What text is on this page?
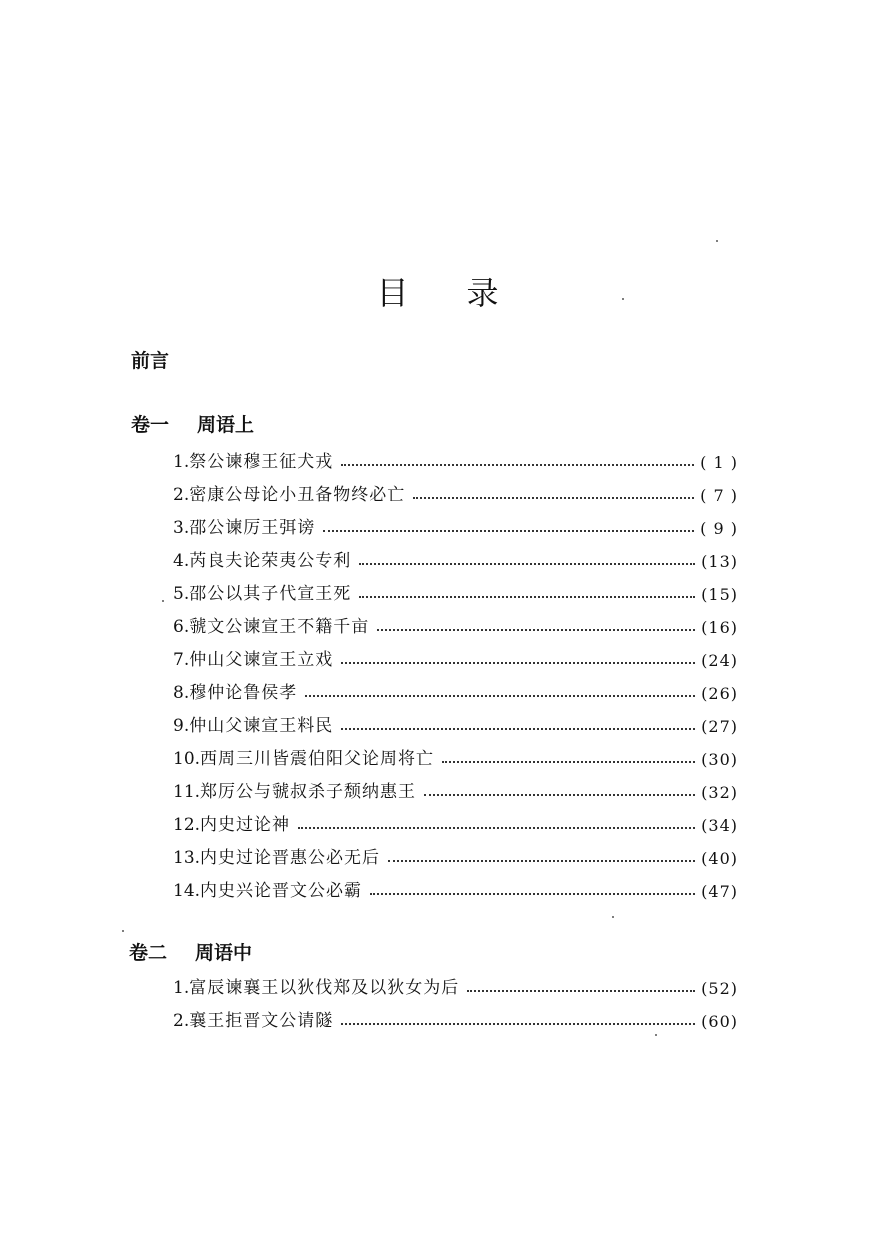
目 录
前言
卷一 周语上
1. 祭公谏穆王征犬戎	( 1 )
2. 密康公母论小丑备物终必亡	( 7 )
3. 邵公谏厉王弭谤	( 9 )
4. 芮良夫论荣夷公专利	(13)
5. 邵公以其子代宣王死	(15)
6. 虢文公谏宣王不籍千亩	(16)
7. 仲山父谏宣王立戏	(24)
8. 穆仲论鲁侯孝	(26)
9. 仲山父谏宣王料民	(27)
10. 西周三川皆震伯阳父论周将亡	(30)
11. 郑厉公与虢叔杀子颓纳惠王	(32)
12. 内史过论神	(34)
13. 内史过论晋惠公必无后	(40)
14. 内史兴论晋文公必霸	(47)
卷二 周语中
1. 富辰谏襄王以狄伐郑及以狄女为后	(52)
2. 襄王拒晋文公请隧	(60)
